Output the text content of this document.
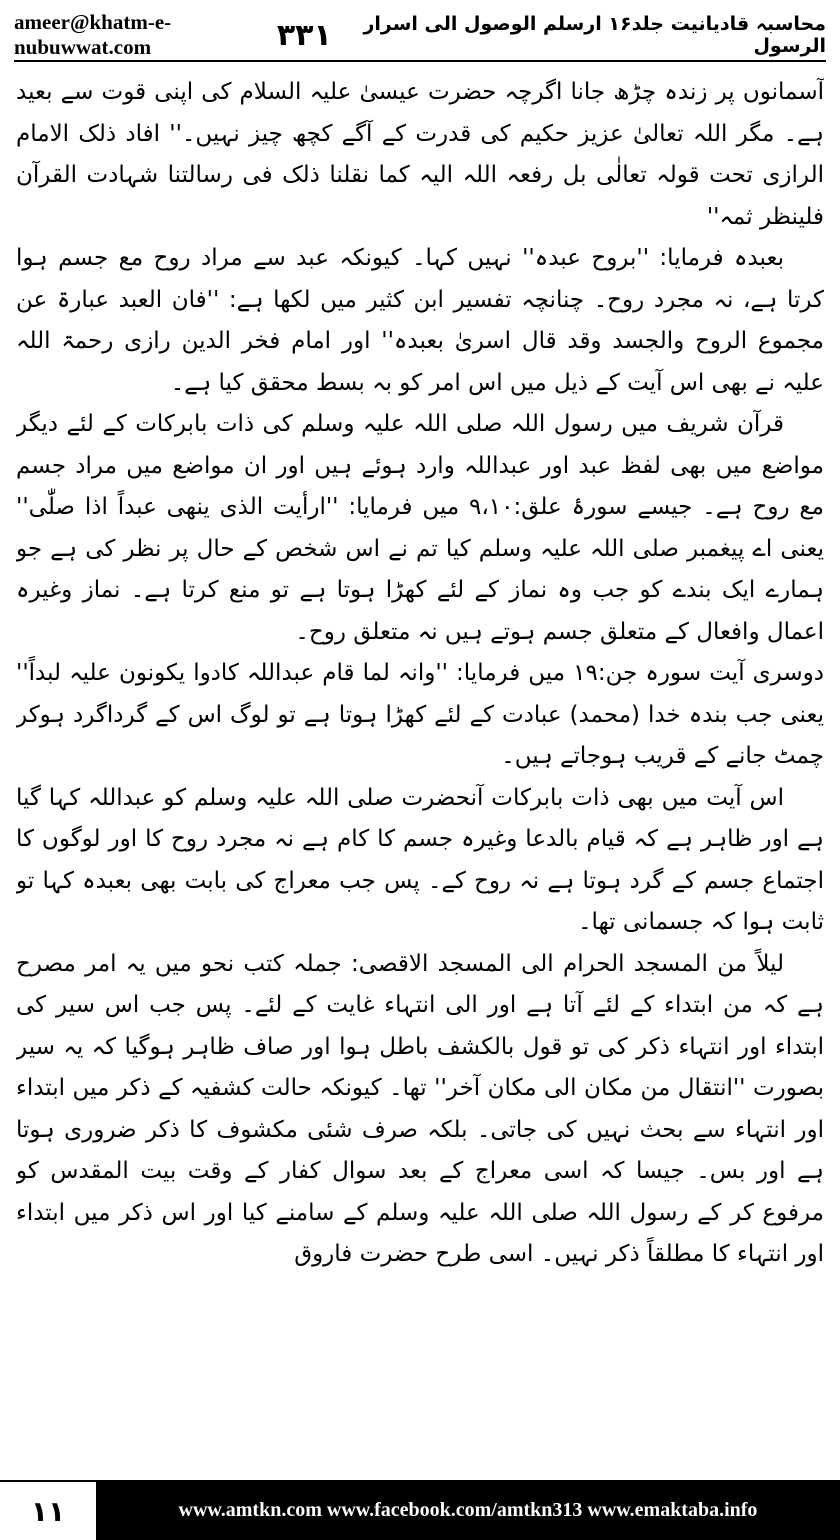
ameer@khatm-e-nubuwwat.com
محاسبہ قادیانیت جلد۱۶ ارسلم الوصول الی اسرار الرسول
۳۳۱

آسمانوں پر زندہ چڑھ جانا اگرچہ حضرت عیسیٰ علیہ السلام کی اپنی قوت سے بعید ہے۔ مگر اللہ تعالیٰ عزیز حکیم کی قدرت کے آگے کچھ چیز نہیں۔'' افاد ذلک الامام الرازی تحت قولہ تعالٰی بل رفعہ اللہ الیہ کما نقلنا ذلک فی رسالتنا شہادت القرآن فلینظر ثمہ''

بعبدہ فرمایا: ''بروح عبدہ'' نہیں کہا۔ کیونکہ عبد سے مراد روح مع جسم ہوا کرتا ہے، نہ مجرد روح۔ چنانچہ تفسیر ابن کثیر میں لکھا ہے: ''فان العبد عبارۃ عن مجموع الروح والجسد وقد قال اسریٰ بعبدہ'' اور امام فخر الدین رازی رحمۃ اللہ علیہ نے بھی اس آیت کے ذیل میں اس امر کو بہ بسط محقق کیا ہے۔

قرآن شریف میں رسول اللہ صلی اللہ علیہ وسلم کی ذات بابرکات کے لئے دیگر مواضع میں بھی لفظ عبد اور عبداللہ وارد ہوئے ہیں اور ان مواضع میں مراد جسم مع روح ہے۔ جیسے سورۂ علق:۹،۱۰ میں فرمایا: ''ارأیت الذی ینھی عبداً اذا صلّٰی'' یعنی اے پیغمبر صلی اللہ علیہ وسلم کیا تم نے اس شخص کے حال پر نظر کی ہے جو ہمارے ایک بندے کو جب وہ نماز کے لئے کھڑا ہوتا ہے تو منع کرتا ہے۔ نماز وغیرہ اعمال وافعال کے متعلق جسم ہوتے ہیں نہ متعلق روح۔

دوسری آیت سورہ جن:۱۹ میں فرمایا: ''وانہ لما قام عبداللہ کادوا یکونون علیہ لبداً'' یعنی جب بندہ خدا (محمد) عبادت کے لئے کھڑا ہوتا ہے تو لوگ اس کے گرداگرد ہوکر چمٹ جانے کے قریب ہوجاتے ہیں۔

اس آیت میں بھی ذات بابرکات آنحضرت صلی اللہ علیہ وسلم کو عبداللہ کہا گیا ہے اور ظاہر ہے کہ قیام بالدعا وغیرہ جسم کا کام ہے نہ مجرد روح کا اور لوگوں کا اجتماع جسم کے گرد ہوتا ہے نہ روح کے۔ پس جب معراج کی بابت بھی بعبدہ کہا تو ثابت ہوا کہ جسمانی تھا۔

لیلاً من المسجد الحرام الی المسجد الاقصی: جملہ کتب نحو میں یہ امر مصرح ہے کہ من ابتداء کے لئے آتا ہے اور الی انتہاء غایت کے لئے۔ پس جب اس سیر کی ابتداء اور انتہاء ذکر کی تو قول بالکشف باطل ہوا اور صاف ظاہر ہوگیا کہ یہ سیر بصورت ''انتقال من مکان الی مکان آخر'' تھا۔ کیونکہ حالت کشفیہ کے ذکر میں ابتداء اور انتہاء سے بحث نہیں کی جاتی۔ بلکہ صرف شئی مکشوف کا ذکر ضروری ہوتا ہے اور بس۔ جیسا کہ اسی معراج کے بعد سوال کفار کے وقت بیت المقدس کو مرفوع کر کے رسول اللہ صلی اللہ علیہ وسلم کے سامنے کیا اور اس ذکر میں ابتداء اور انتہاء کا مطلقاً ذکر نہیں۔ اسی طرح حضرت فاروق

۱۱	www.amtkn.com www.facebook.com/amtkn313 www.emaktaba.info
